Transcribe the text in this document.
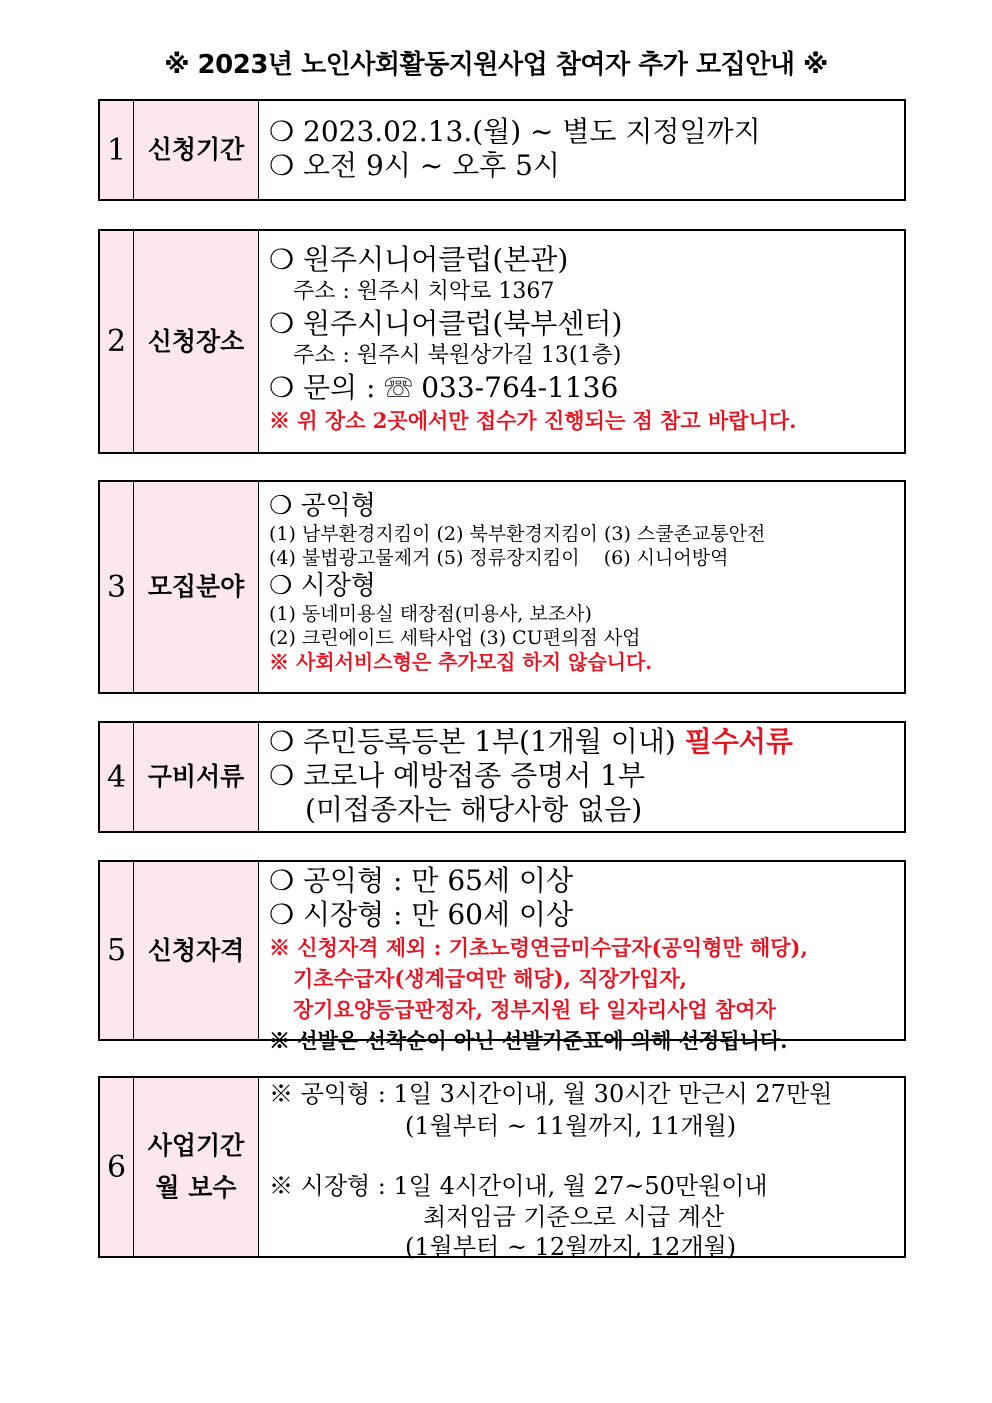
※ 2023년 노인사회활동지원사업 참여자 추가 모집안내 ※
1 신청기간
❍ 2023.02.13.(월) ~ 별도 지정일까지
❍ 오전 9시 ~ 오후 5시
2 신청장소
❍ 원주시니어클럽(본관)
주소 : 원주시 치악로 1367
❍ 원주시니어클럽(북부센터)
주소 : 원주시 북원상가길 13(1층)
❍ 문의 : ☏ 033-764-1136
※ 위 장소 2곳에서만 접수가 진행되는 점 참고 바랍니다.
3 모집분야
❍ 공익형
(1) 남부환경지킴이 (2) 북부환경지킴이 (3) 스쿨존교통안전
(4) 불법광고물제거 (5) 정류장지킴이    (6) 시니어방역
❍ 시장형
(1) 동네미용실 태장점(미용사, 보조사)
(2) 크린에이드 세탁사업 (3) CU편의점 사업
※ 사회서비스형은 추가모집 하지 않습니다.
4 구비서류
❍ 주민등록등본 1부(1개월 이내) 필수서류
❍ 코로나 예방접종 증명서 1부
(미접종자는 해당사항 없음)
5 신청자격
❍ 공익형 : 만 65세 이상
❍ 시장형 : 만 60세 이상
※ 신청자격 제외 : 기초노령연금미수급자(공익형만 해당),
기초수급자(생계급여만 해당), 직장가입자,
장기요양등급판정자, 정부지원 타 일자리사업 참여자
※ 선발은 선착순이 아닌 선발기준표에 의해 선정됩니다.
6
사업기간
월 보수
※ 공익형 : 1일 3시간이내, 월 30시간 만근시 27만원
(1월부터 ~ 11월까지, 11개월)
※ 시장형 : 1일 4시간이내, 월 27~50만원이내
최저임금 기준으로 시급 계산
(1월부터 ~ 12월까지, 12개월)
